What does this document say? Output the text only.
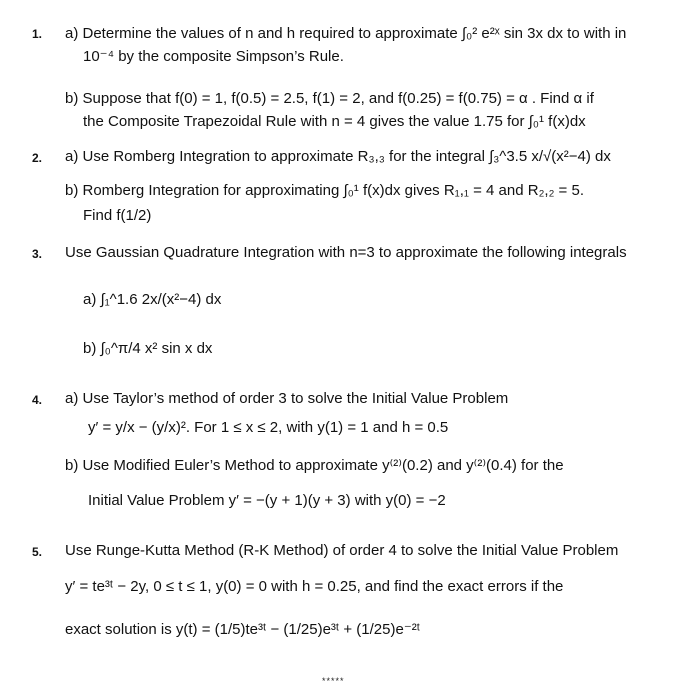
1. a) Determine the values of n and h required to approximate ∫₀² e²ˣ sin 3x dx to with in
10⁻⁴ by the composite Simpson’s Rule.
b) Suppose that f(0) = 1, f(0.5) = 2.5, f(1) = 2, and f(0.25) = f(0.75) = α . Find α if
the Composite Trapezoidal Rule with n = 4 gives the value 1.75 for ∫₀¹ f(x)dx
2. a) Use Romberg Integration to approximate R₃,₃ for the integral ∫₃^3.5 x/√(x²−4) dx
b) Romberg Integration for approximating ∫₀¹ f(x)dx gives R₁,₁ = 4 and R₂,₂ = 5.
Find f(1/2)
3. Use Gaussian Quadrature Integration with n=3 to approximate the following integrals
a) ∫₁^1.6 2x/(x²−4) dx
b) ∫₀^π/4 x² sin x dx
4. a) Use Taylor’s method of order 3 to solve the Initial Value Problem
y′ = y/x − (y/x)². For 1 ≤ x ≤ 2, with y(1) = 1 and h = 0.5
b) Use Modified Euler’s Method to approximate y⁽²⁾(0.2) and y⁽²⁾(0.4) for the
Initial Value Problem y′ = −(y + 1)(y + 3) with y(0) = −2
5. Use Runge-Kutta Method (R-K Method) of order 4 to solve the Initial Value Problem
y′ = te³ᵗ − 2y, 0 ≤ t ≤ 1, y(0) = 0 with h = 0.25, and find the exact errors if the
exact solution is y(t) = (1/5)te³ᵗ − (1/25)e³ᵗ + (1/25)e⁻²ᵗ
*****
